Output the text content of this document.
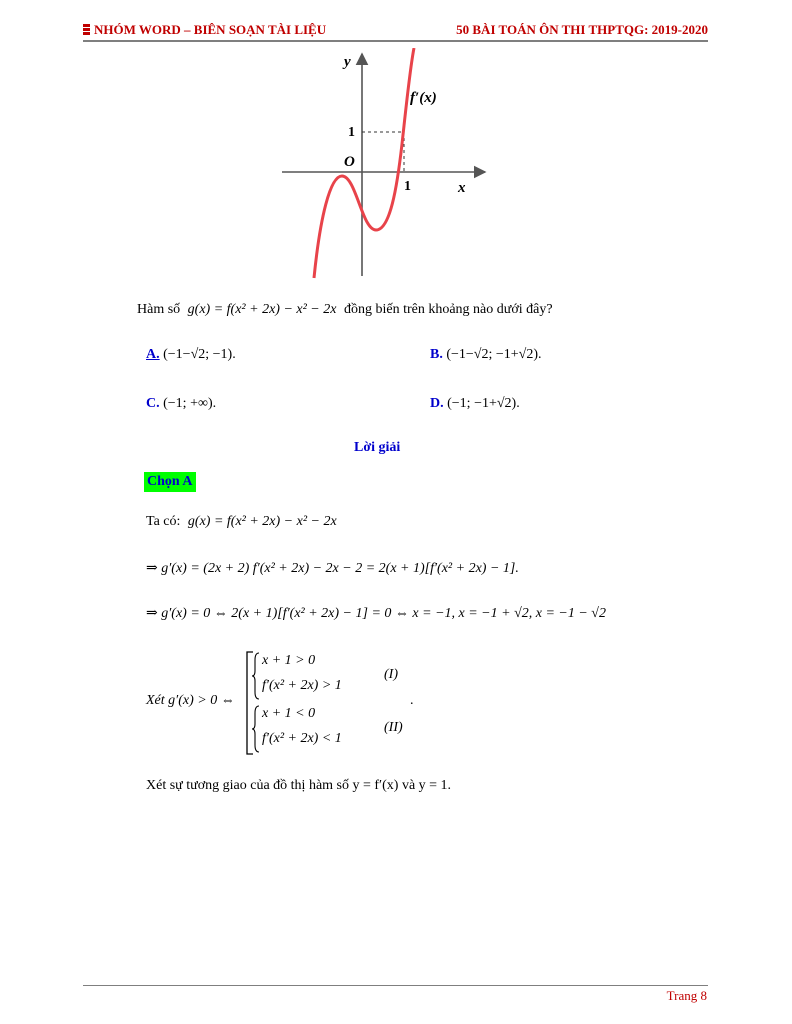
NHÓM WORD – BIÊN SOẠN TÀI LIỆU	50 BÀI TOÁN ÔN THI THPTQG: 2019-2020
y
x
O
1
1
f′(x)
Hàm số g(x) = f(x² + 2x) − x² − 2x đồng biến trên khoảng nào dưới đây?
A. (−1−√2; −1).	B. (−1−√2; −1+√2).
C. (−1; +∞).	D. (−1; −1+√2).
Lời giải
Chọn A
Ta có: g(x) = f(x² + 2x) − x² − 2x
⇒ g′(x) = (2x + 2) f′(x² + 2x) − 2x − 2 = 2(x + 1)[f′(x² + 2x) − 1].
⇒ g′(x) = 0 ⇔ 2(x + 1)[f′(x² + 2x) − 1] = 0 ⇔ x = −1, x = −1 + √2, x = −1 − √2
Xét g′(x) > 0 ⇔
x + 1 > 0
f′(x² + 2x) > 1
(I)
x + 1 < 0
f′(x² + 2x) < 1
(II)
.
Xét sự tương giao của đồ thị hàm số y = f′(x) và y = 1.
Trang 8
